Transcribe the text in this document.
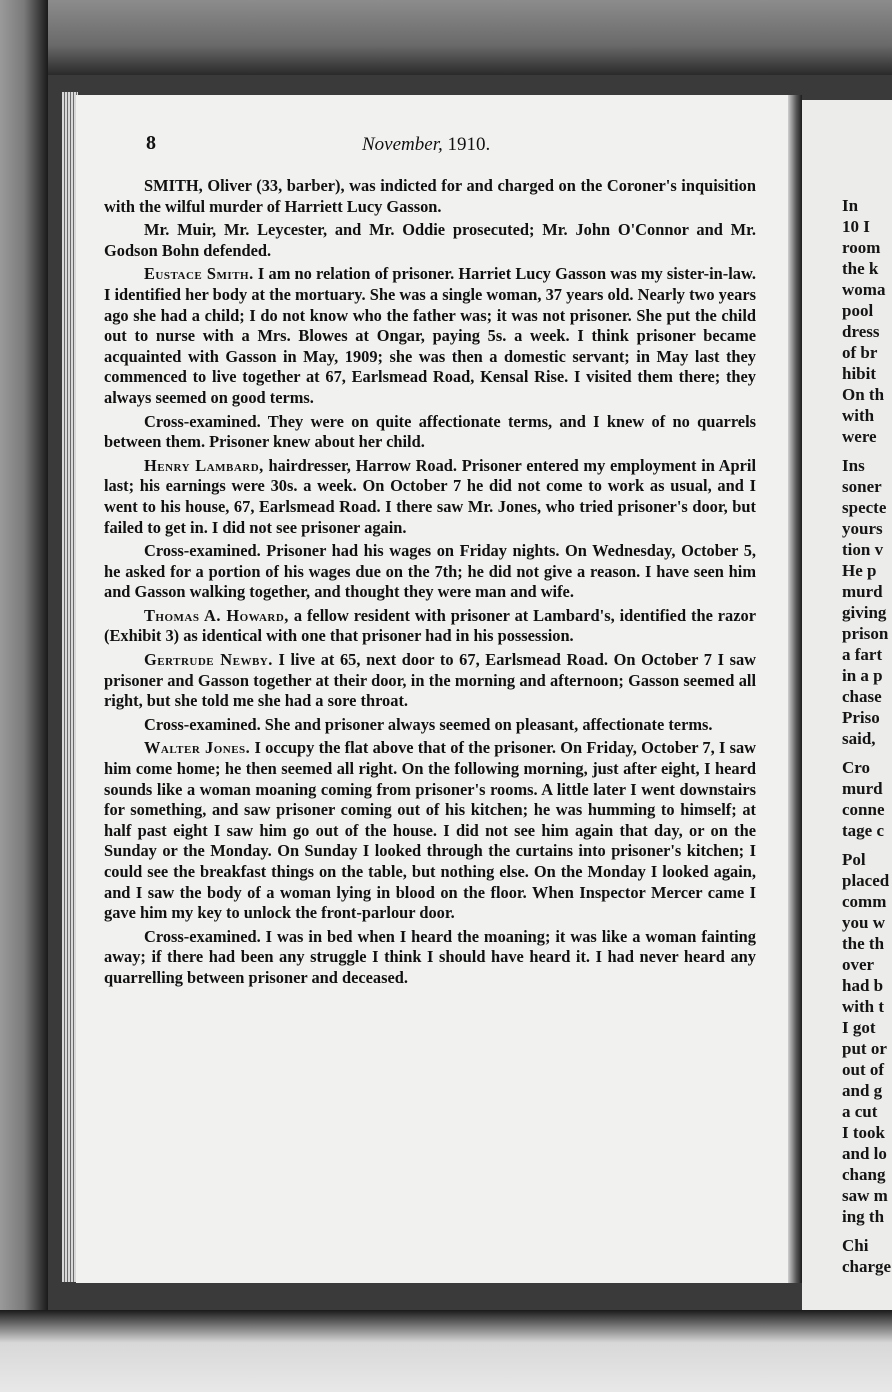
8	November, 1910.

SMITH, Oliver (33, barber), was indicted for and charged on the Coroner's inquisition with the wilful murder of Harriett Lucy Gasson.

Mr. Muir, Mr. Leycester, and Mr. Oddie prosecuted; Mr. John O'Connor and Mr. Godson Bohn defended.

Eustace Smith. I am no relation of prisoner. Harriet Lucy Gasson was my sister-in-law. I identified her body at the mortuary. She was a single woman, 37 years old. Nearly two years ago she had a child; I do not know who the father was; it was not prisoner. She put the child out to nurse with a Mrs. Blowes at Ongar, paying 5s. a week. I think prisoner became acquainted with Gasson in May, 1909; she was then a domestic servant; in May last they commenced to live together at 67, Earlsmead Road, Kensal Rise. I visited them there; they always seemed on good terms.

Cross-examined. They were on quite affectionate terms, and I knew of no quarrels between them. Prisoner knew about her child.

Henry Lambard, hairdresser, Harrow Road. Prisoner entered my employment in April last; his earnings were 30s. a week. On October 7 he did not come to work as usual, and I went to his house, 67, Earlsmead Road. I there saw Mr. Jones, who tried prisoner's door, but failed to get in. I did not see prisoner again.

Cross-examined. Prisoner had his wages on Friday nights. On Wednesday, October 5, he asked for a portion of his wages due on the 7th; he did not give a reason. I have seen him and Gasson walking together, and thought they were man and wife.

Thomas A. Howard, a fellow resident with prisoner at Lambard's, identified the razor (Exhibit 3) as identical with one that prisoner had in his possession.

Gertrude Newby. I live at 65, next door to 67, Earlsmead Road. On October 7 I saw prisoner and Gasson together at their door, in the morning and afternoon; Gasson seemed all right, but she told me she had a sore throat.

Cross-examined. She and prisoner always seemed on pleasant, affectionate terms.

Walter Jones. I occupy the flat above that of the prisoner. On Friday, October 7, I saw him come home; he then seemed all right. On the following morning, just after eight, I heard sounds like a woman moaning coming from prisoner's rooms. A little later I went downstairs for something, and saw prisoner coming out of his kitchen; he was humming to himself; at half past eight I saw him go out of the house. I did not see him again that day, or on the Sunday or the Monday. On Sunday I looked through the curtains into prisoner's kitchen; I could see the breakfast things on the table, but nothing else. On the Monday I looked again, and I saw the body of a woman lying in blood on the floor. When Inspector Mercer came I gave him my key to unlock the front-parlour door.

Cross-examined. I was in bed when I heard the moaning; it was like a woman fainting away; if there had been any struggle I think I should have heard it. I had never heard any quarrelling between prisoner and deceased.

In
10 I
room
the k
woma
pool
dress
of br
hibit
On th
with
were
Ins
soner
specte
yours
tion v
He p
murd
giving
prison
a fart
in a p
chase
Priso
said,
Cro
murd
conne
tage c
Pol
placed
comm
you w
the th
over
had b
with t
I got
put or
out of
and g
a cut
I took
and lo
chang
saw m
ing th
Chi
charge
